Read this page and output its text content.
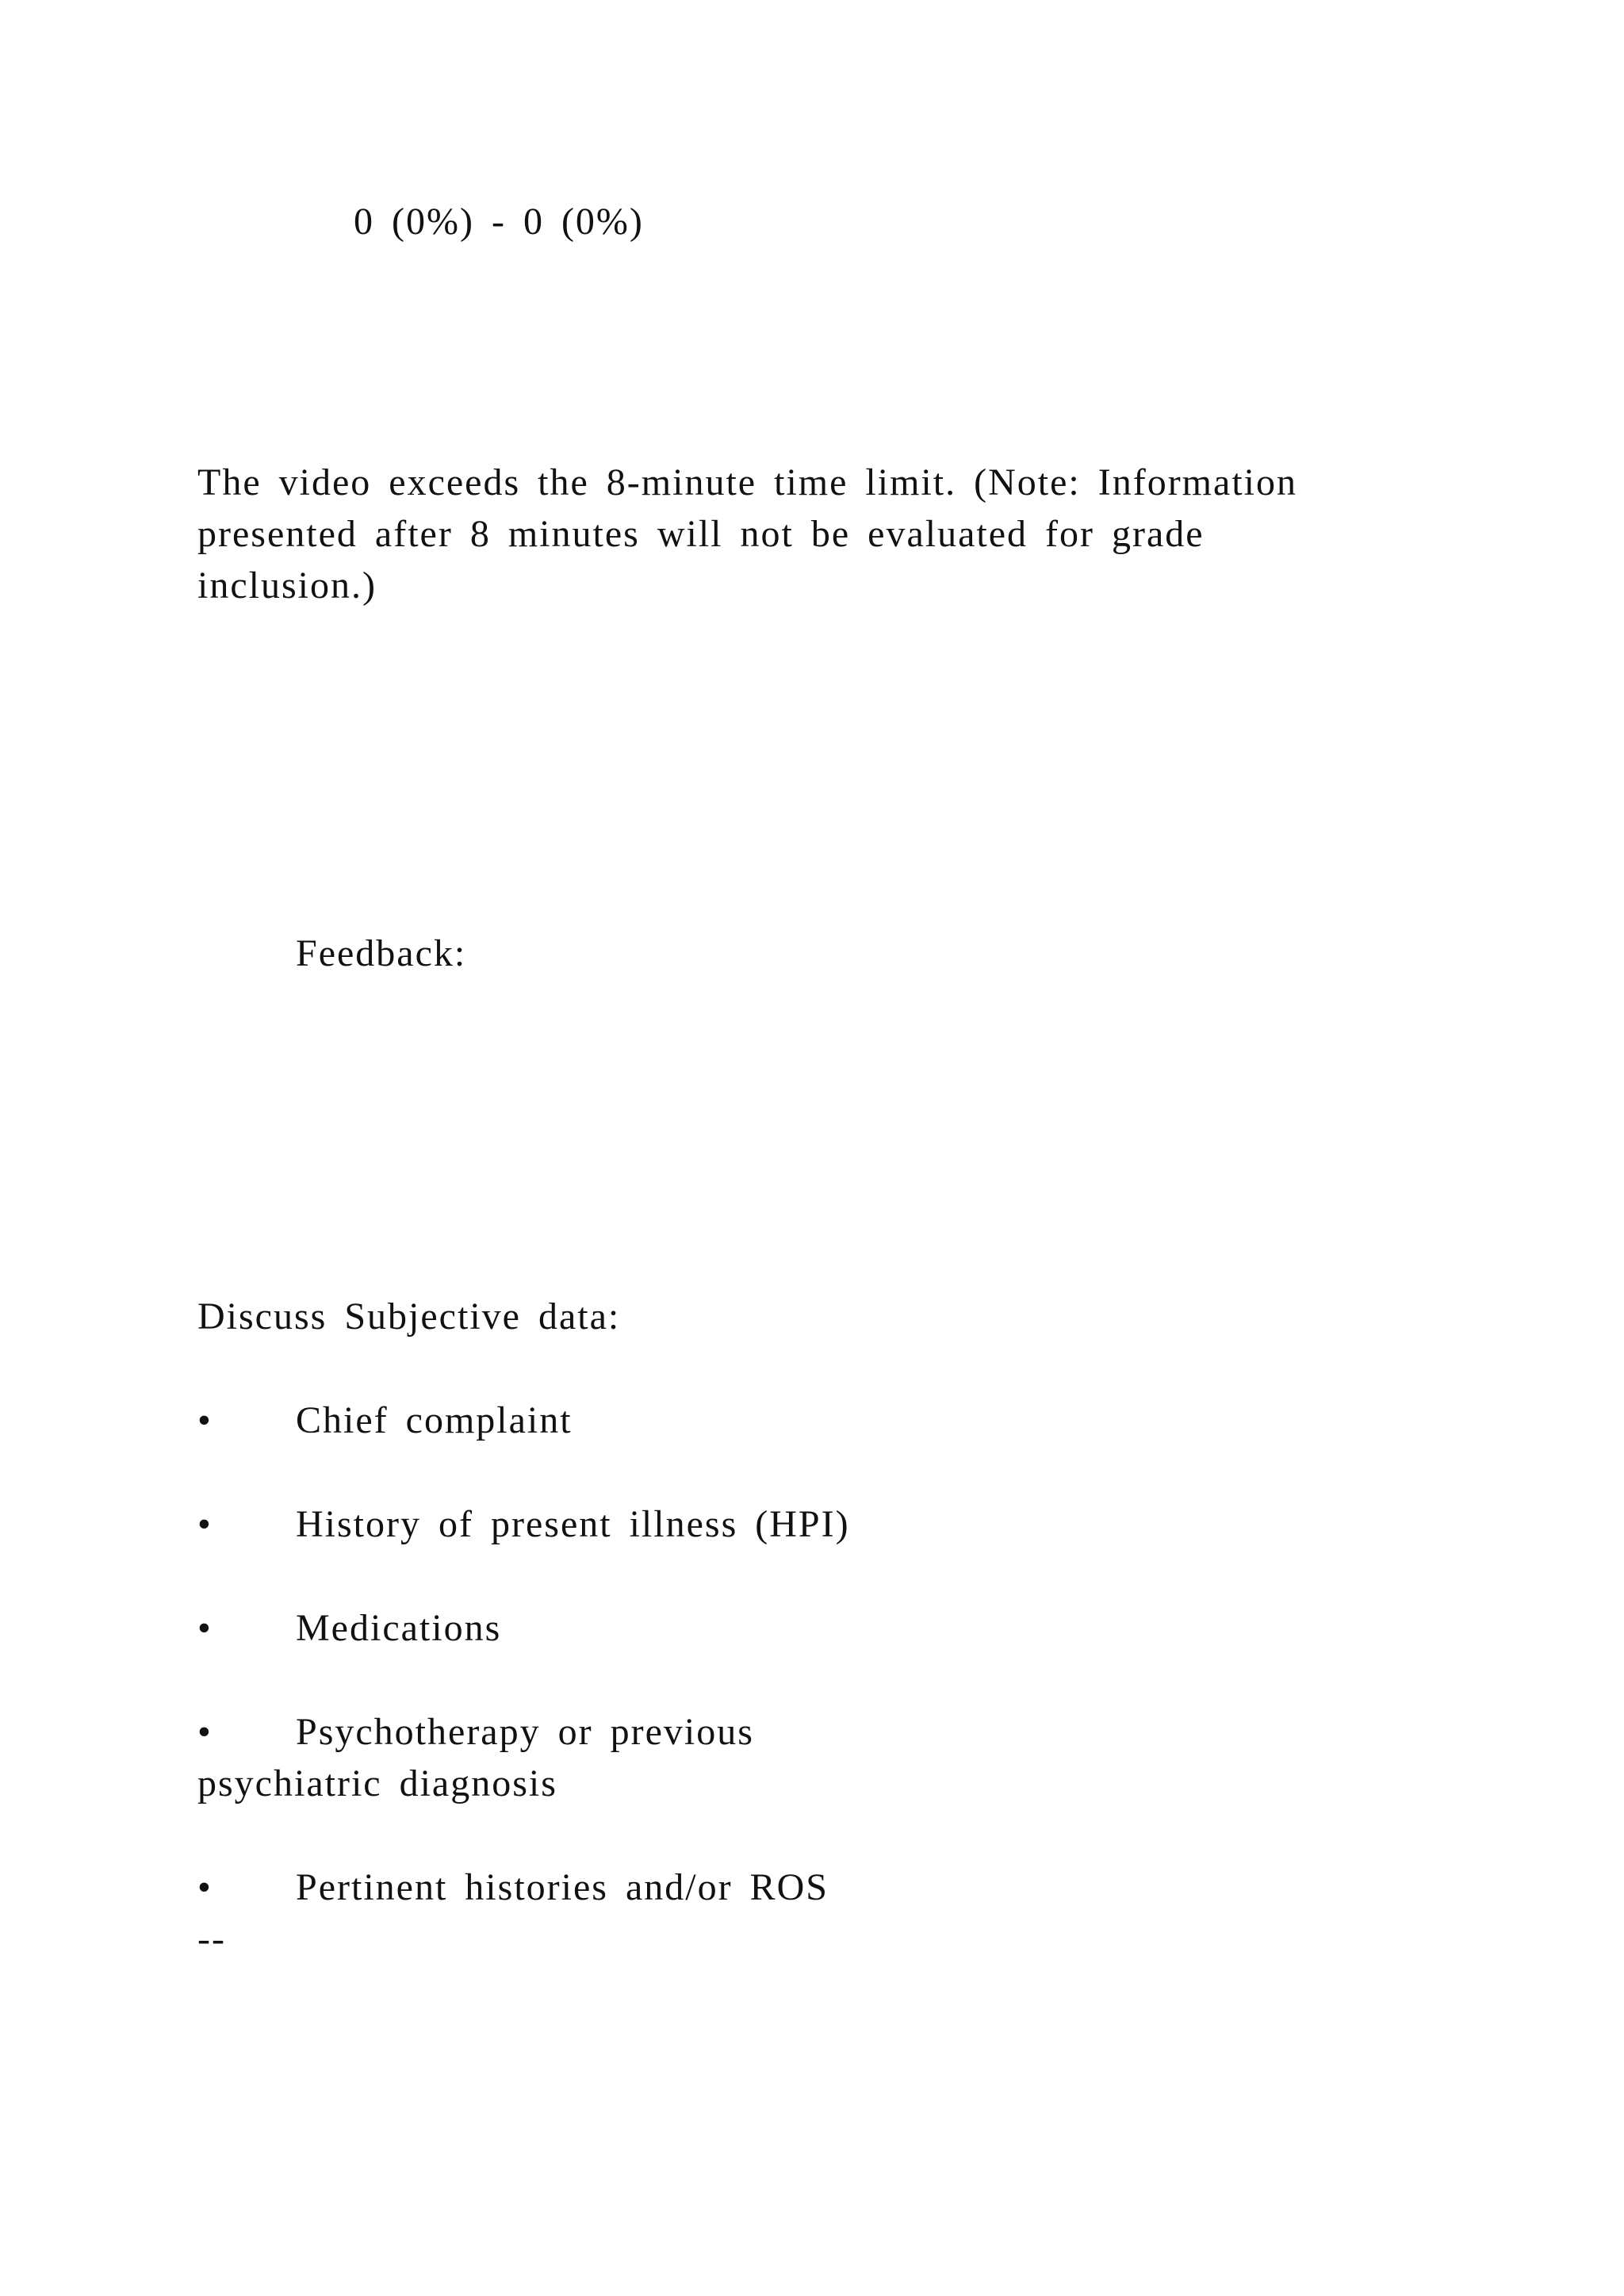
0 (0%) - 0 (0%)
The video exceeds the 8-minute time limit. (Note: Information
presented after 8 minutes will not be evaluated for grade
inclusion.)
Feedback:
Discuss Subjective data:
• Chief complaint
• History of present illness (HPI)
• Medications
• Psychotherapy or previous
psychiatric diagnosis
• Pertinent histories and/or ROS
--
